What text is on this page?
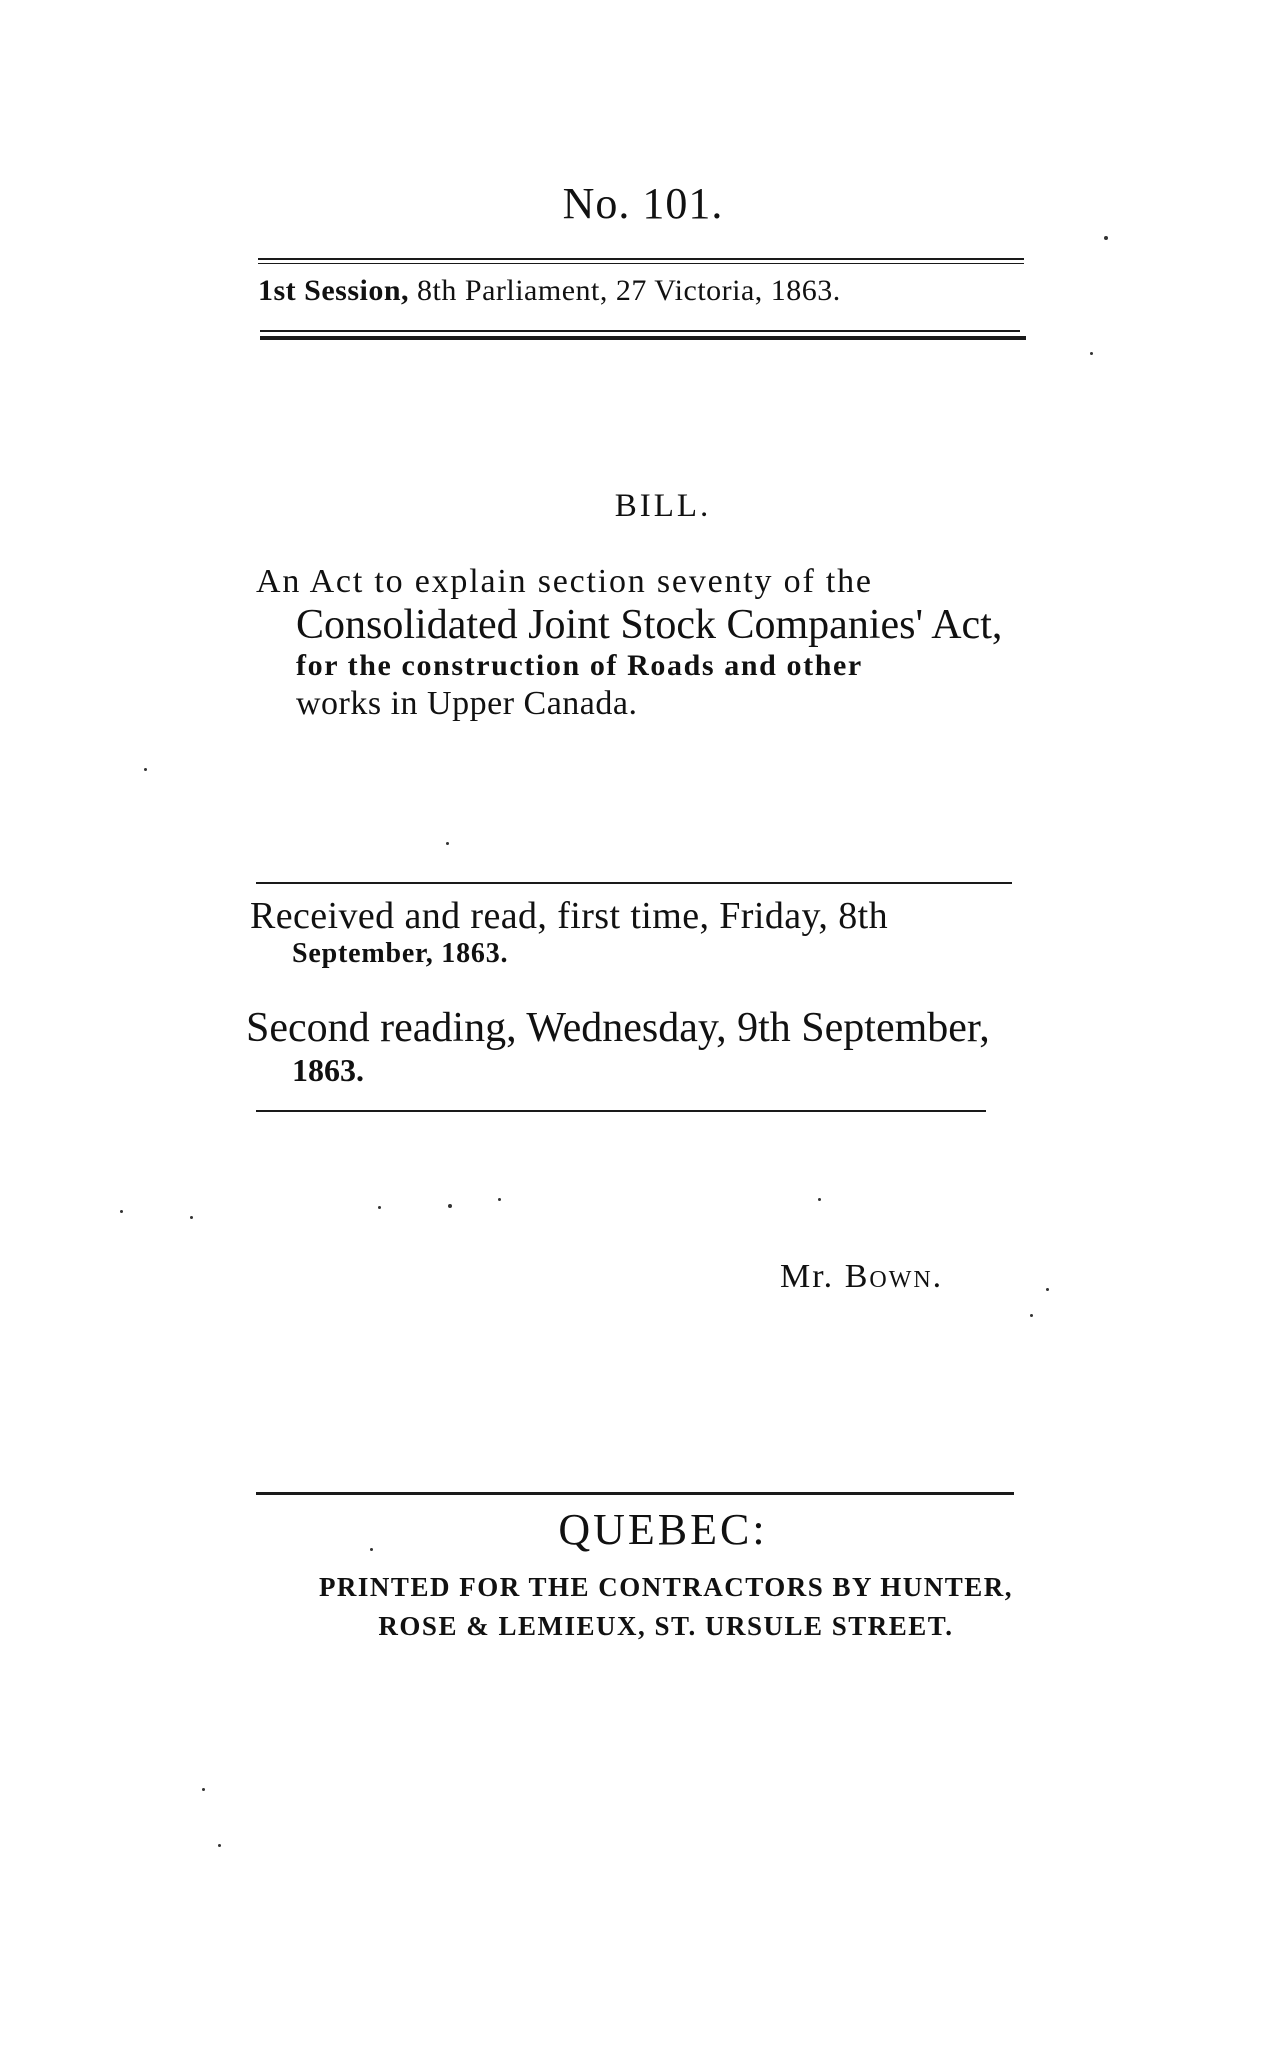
No. 101.
1st Session, 8th Parliament, 27 Victoria, 1863.
BILL.
An Act to explain section seventy of the
Consolidated Joint Stock Companies' Act,
for the construction of Roads and other
works in Upper Canada.
Received and read, first time, Friday, 8th
September, 1863.
Second reading, Wednesday, 9th September,
1863.
Mr. Bown.
QUEBEC:
PRINTED FOR THE CONTRACTORS BY HUNTER,
ROSE & LEMIEUX, ST. URSULE STREET.
